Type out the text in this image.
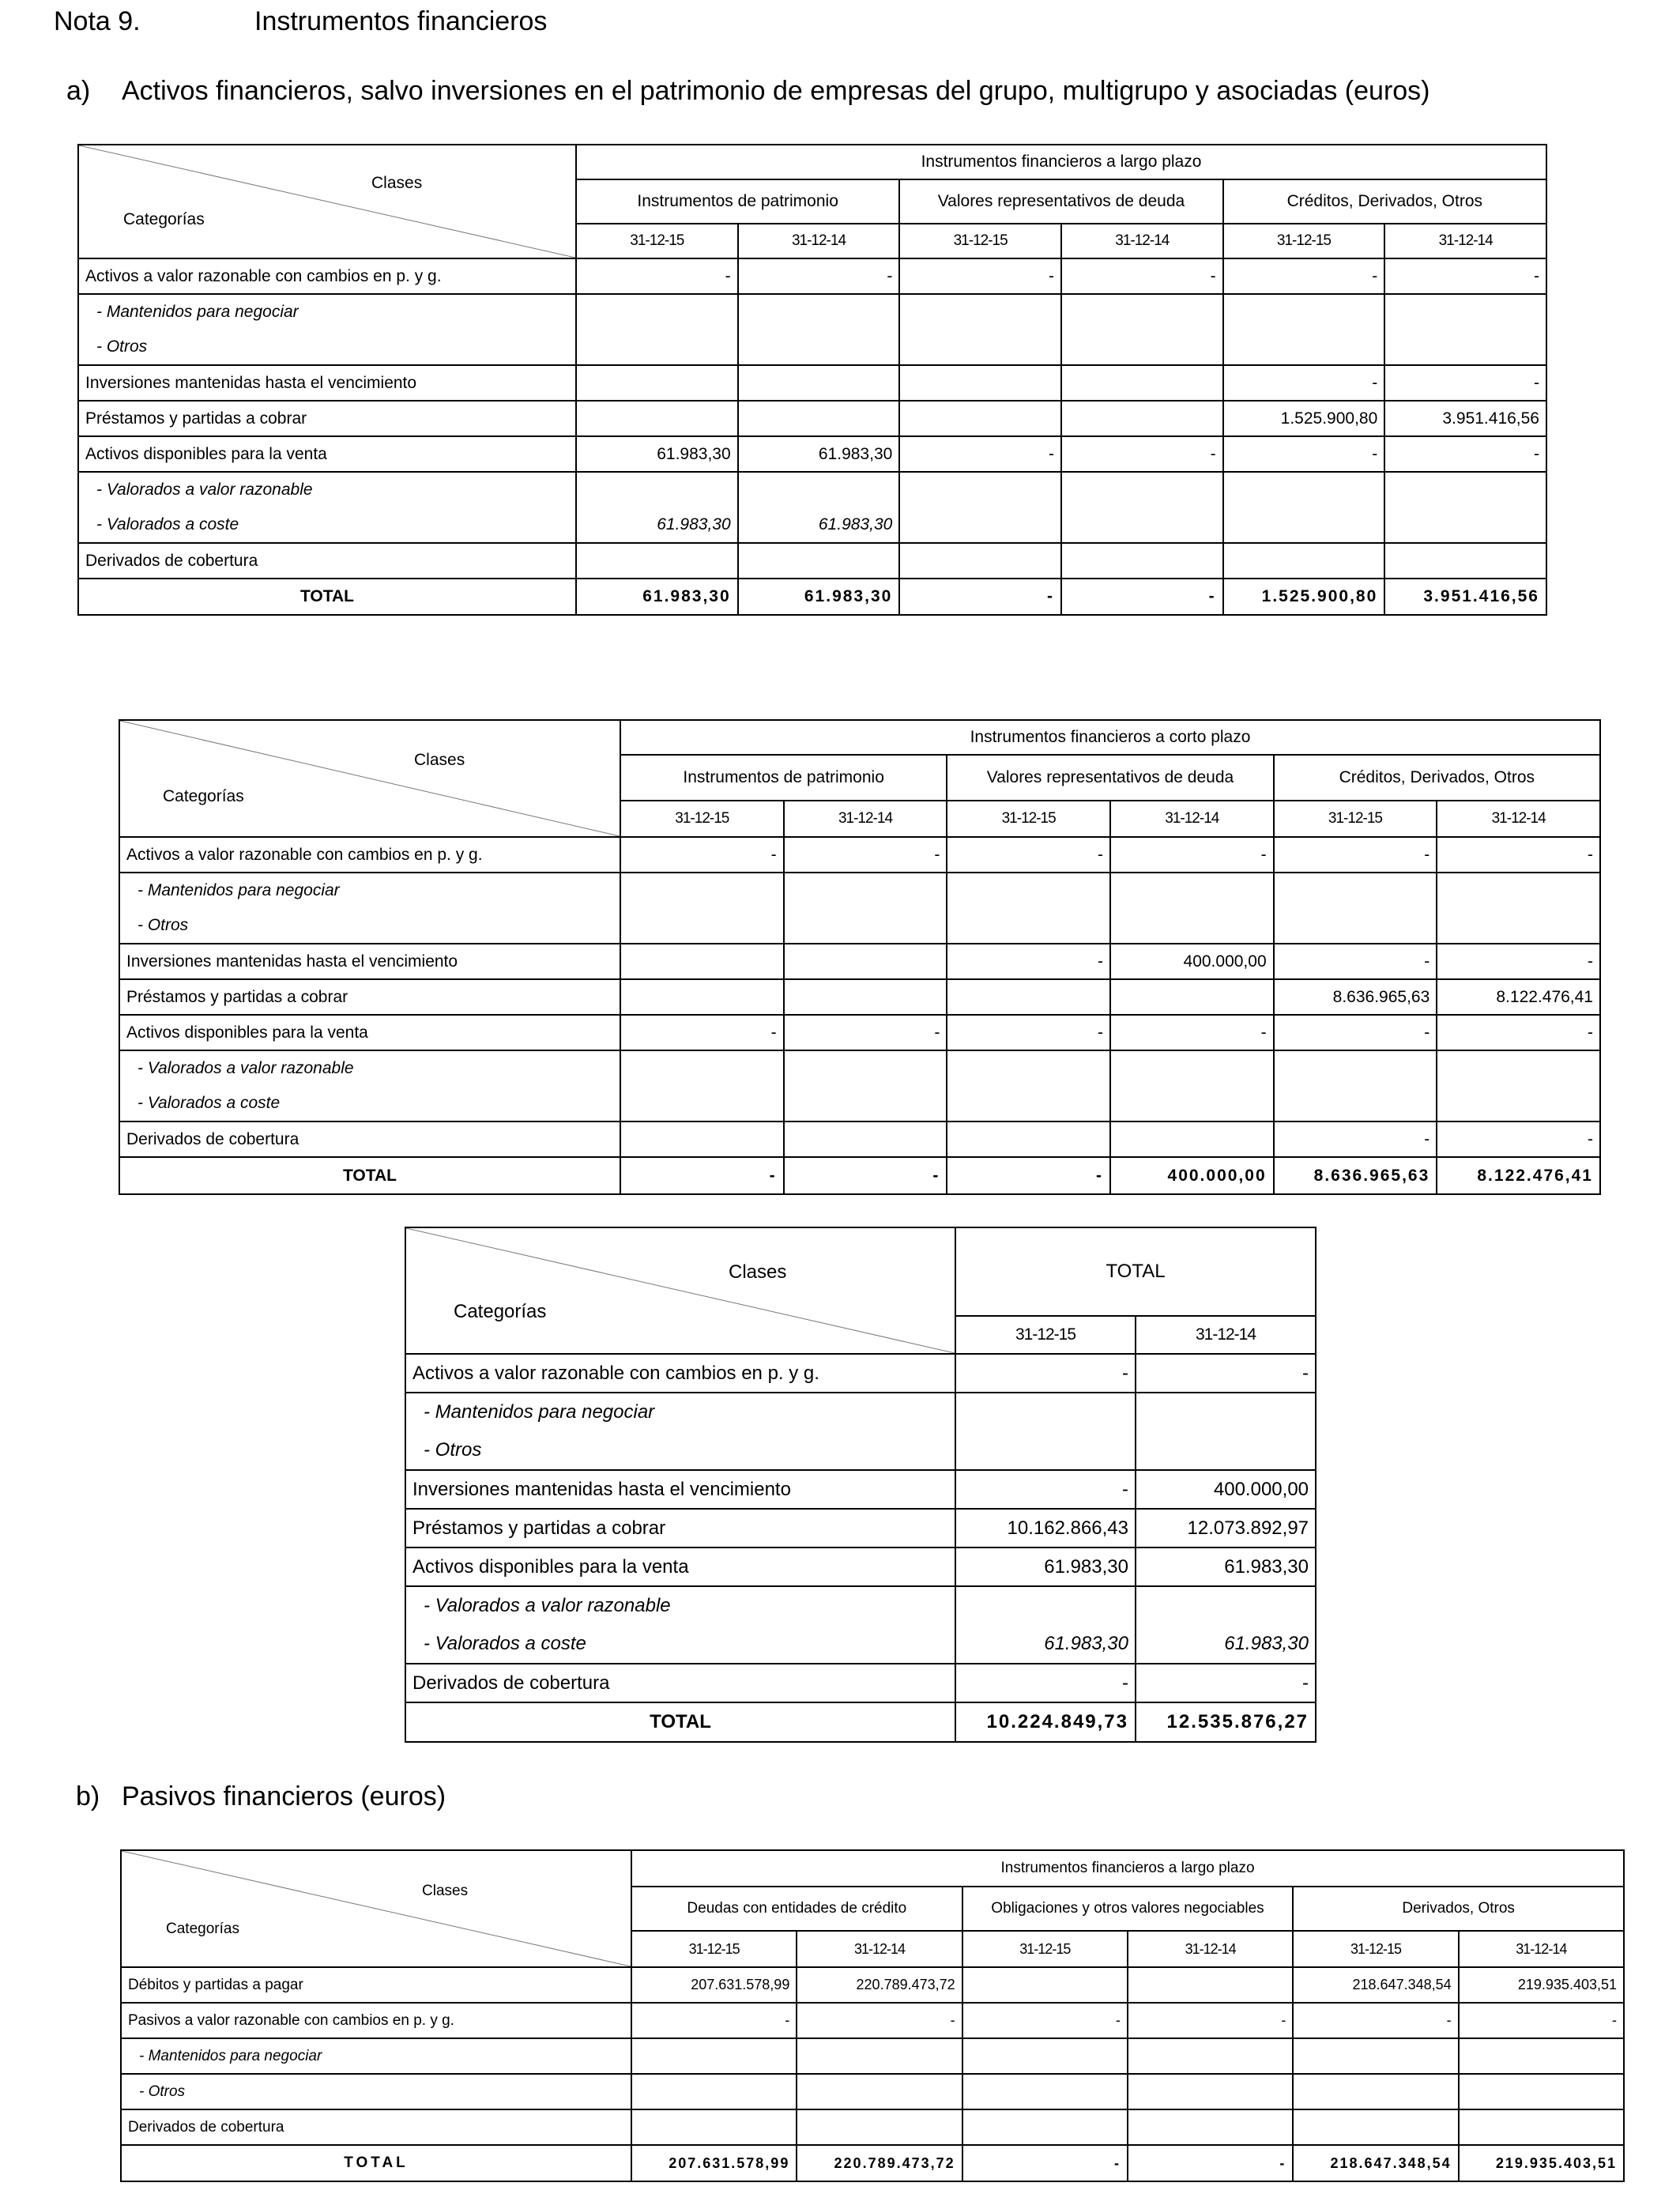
Nota 9.	Instrumentos financieros
a) Activos financieros, salvo inversiones en el patrimonio de empresas del grupo, multigrupo y asociadas (euros)
b) Pasivos financieros (euros)
Clases
Categorías	Instrumentos financieros a largo plazo					
	Instrumentos de patrimonio		Valores representativos de deuda		Créditos, Derivados, Otros	
	31-12-15	31-12-14	31-12-15	31-12-14	31-12-15	31-12-14
Activos a valor razonable con cambios en p. y g.	-	-	-	-	-	-
- Mantenidos para negociar						
- Otros						
Inversiones mantenidas hasta el vencimiento					-	-
Préstamos y partidas a cobrar					1.525.900,80	3.951.416,56
Activos disponibles para la venta	61.983,30	61.983,30	-	-	-	-
- Valorados a valor razonable						
- Valorados a coste	61.983,30	61.983,30				
Derivados de cobertura						
TOTAL	61.983,30	61.983,30	-	-	1.525.900,80	3.951.416,56
Clases
Categorías	Instrumentos financieros a corto plazo					
	Instrumentos de patrimonio		Valores representativos de deuda		Créditos, Derivados, Otros	
	31-12-15	31-12-14	31-12-15	31-12-14	31-12-15	31-12-14
Activos a valor razonable con cambios en p. y g.	-	-	-	-	-	-
- Mantenidos para negociar						
- Otros						
Inversiones mantenidas hasta el vencimiento			-	400.000,00	-	-
Préstamos y partidas a cobrar					8.636.965,63	8.122.476,41
Activos disponibles para la venta	-	-	-	-	-	-
- Valorados a valor razonable						
- Valorados a coste						
Derivados de cobertura					-	-
TOTAL	-	-	-	400.000,00	8.636.965,63	8.122.476,41
Clases
Categorías	TOTAL	
	31-12-15	31-12-14
Activos a valor razonable con cambios en p. y g.	-	-
- Mantenidos para negociar		
- Otros		
Inversiones mantenidas hasta el vencimiento	-	400.000,00
Préstamos y partidas a cobrar	10.162.866,43	12.073.892,97
Activos disponibles para la venta	61.983,30	61.983,30
- Valorados a valor razonable		
- Valorados a coste	61.983,30	61.983,30
Derivados de cobertura	-	-
TOTAL	10.224.849,73	12.535.876,27
Clases
Categorías	Instrumentos financieros a largo plazo					
	Deudas con entidades de crédito		Obligaciones y otros valores negociables		Derivados, Otros	
	31-12-15	31-12-14	31-12-15	31-12-14	31-12-15	31-12-14
Débitos y partidas a pagar	207.631.578,99	220.789.473,72			218.647.348,54	219.935.403,51
Pasivos a valor razonable con cambios en p. y g.	-	-	-	-	-	-
- Mantenidos para negociar						
- Otros						
Derivados de cobertura						
TOTAL	207.631.578,99	220.789.473,72	-	-	218.647.348,54	219.935.403,51
